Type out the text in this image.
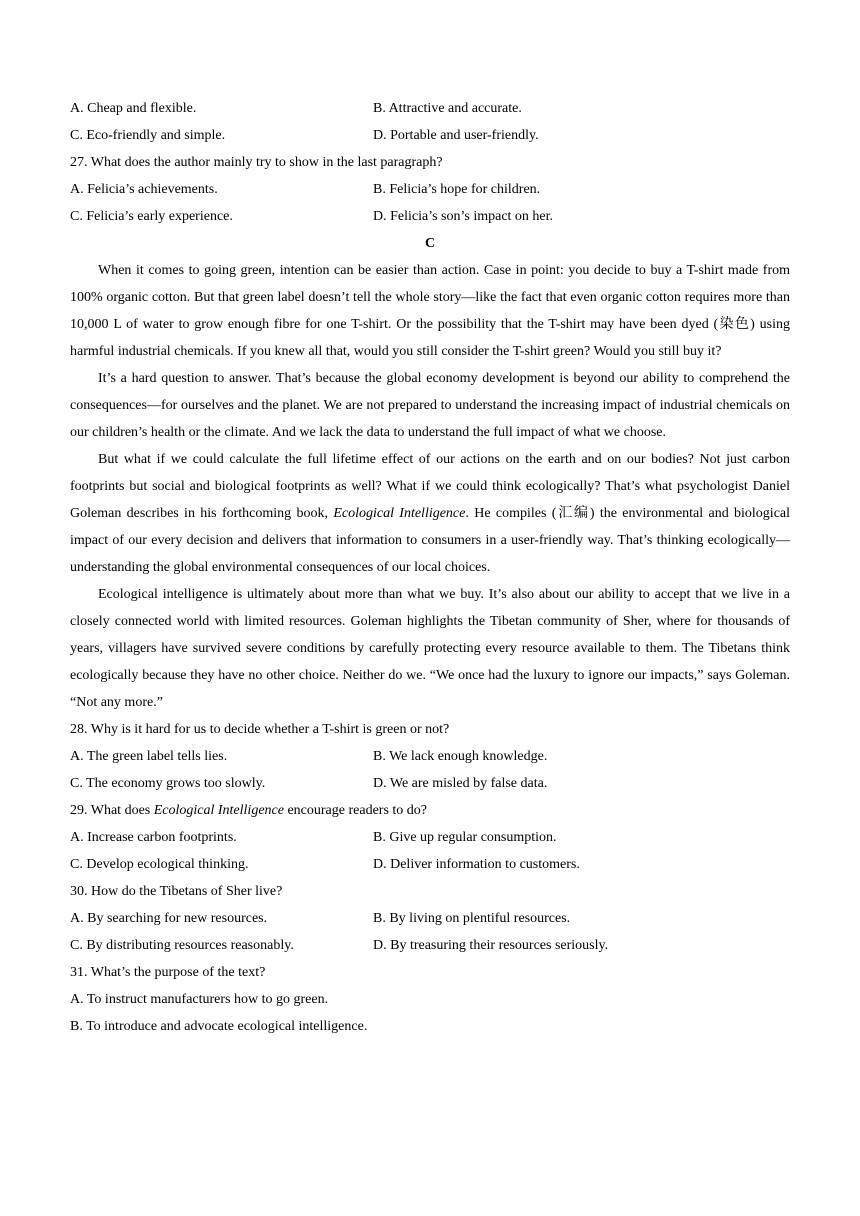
A. Cheap and flexible.	B. Attractive and accurate.
C. Eco-friendly and simple.	D. Portable and user-friendly.
27. What does the author mainly try to show in the last paragraph?
A. Felicia’s achievements.	B. Felicia’s hope for children.
C. Felicia’s early experience.	D. Felicia’s son’s impact on her.
C

When it comes to going green, intention can be easier than action. Case in point: you decide to buy a T-shirt made from 100% organic cotton. But that green label doesn’t tell the whole story—like the fact that even organic cotton requires more than 10,000 L of water to grow enough fibre for one T-shirt. Or the possibility that the T-shirt may have been dyed (染色) using harmful industrial chemicals. If you knew all that, would you still consider the T-shirt green? Would you still buy it?

It’s a hard question to answer. That’s because the global economy development is beyond our ability to comprehend the consequences—for ourselves and the planet. We are not prepared to understand the increasing impact of industrial chemicals on our children’s health or the climate. And we lack the data to understand the full impact of what we choose.

But what if we could calculate the full lifetime effect of our actions on the earth and on our bodies? Not just carbon footprints but social and biological footprints as well? What if we could think ecologically? That’s what psychologist Daniel Goleman describes in his forthcoming book, Ecological Intelligence. He compiles (汇编) the environmental and biological impact of our every decision and delivers that information to consumers in a user-friendly way. That’s thinking ecologically—understanding the global environmental consequences of our local choices.

Ecological intelligence is ultimately about more than what we buy. It’s also about our ability to accept that we live in a closely connected world with limited resources. Goleman highlights the Tibetan community of Sher, where for thousands of years, villagers have survived severe conditions by carefully protecting every resource available to them. The Tibetans think ecologically because they have no other choice. Neither do we. “We once had the luxury to ignore our impacts,” says Goleman. “Not any more.”

28. Why is it hard for us to decide whether a T-shirt is green or not?
A. The green label tells lies.	B. We lack enough knowledge.
C. The economy grows too slowly.	D. We are misled by false data.
29. What does Ecological Intelligence encourage readers to do?
A. Increase carbon footprints.	B. Give up regular consumption.
C. Develop ecological thinking.	D. Deliver information to customers.
30. How do the Tibetans of Sher live?
A. By searching for new resources.	B. By living on plentiful resources.
C. By distributing resources reasonably.	D. By treasuring their resources seriously.
31. What’s the purpose of the text?
A. To instruct manufacturers how to go green.
B. To introduce and advocate ecological intelligence.
